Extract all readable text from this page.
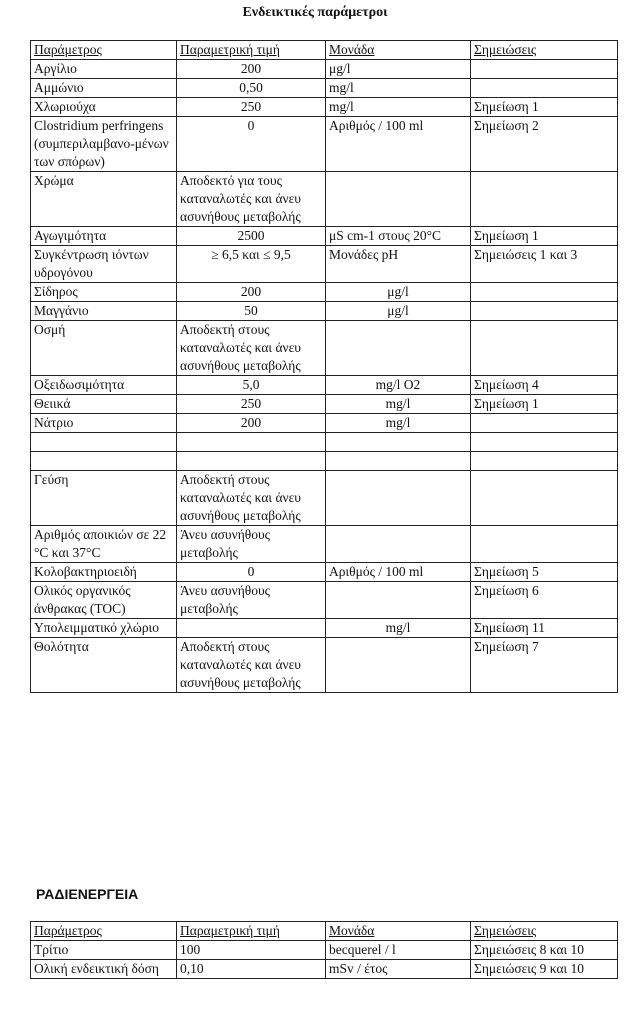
Ενδεικτικές παράμετροι
Παράμετρος	Παραμετρική τιμή	Μονάδα	Σημειώσεις
Αργίλιο	200	μg/l	
Αμμώνιο	0,50	mg/l	
Χλωριούχα	250	mg/l	Σημείωση 1
Clostridium perfringens (συμπεριλαμβανο-μένων των σπόρων)	0	Αριθμός / 100 ml	Σημείωση 2
Χρώμα	Αποδεκτό για τους καταναλωτές και άνευ ασυνήθους μεταβολής		
Αγωγιμότητα	2500	μS cm-1 στους 20°C	Σημείωση 1
Συγκέντρωση ιόντων υδρογόνου	≥ 6,5 και ≤ 9,5	Μονάδες pH	Σημειώσεις 1 και 3
Σίδηρος	200	μg/l	
Μαγγάνιο	50	μg/l	
Οσμή	Αποδεκτή στους καταναλωτές και άνευ ασυνήθους μεταβολής		
Οξειδωσιμότητα	5,0	mg/l O2	Σημείωση 4
Θειικά	250	mg/l	Σημείωση 1
Νάτριο	200	mg/l	

Γεύση	Αποδεκτή στους καταναλωτές και άνευ ασυνήθους μεταβολής		
Αριθμός αποικιών σε 22 °C και 37°C	Άνευ ασυνήθους μεταβολής		
Κολοβακτηριοειδή	0	Αριθμός / 100 ml	Σημείωση 5
Ολικός οργανικός άνθρακας (TOC)	Άνευ ασυνήθους μεταβολής		Σημείωση 6
Υπολειμματικό χλώριο		mg/l	Σημείωση 11
Θολότητα	Αποδεκτή στους καταναλωτές και άνευ ασυνήθους μεταβολής		Σημείωση 7
ΡΑΔΙΕΝΕΡΓΕΙΑ
Παράμετρος	Παραμετρική τιμή	Μονάδα	Σημειώσεις
Τρίτιο	100	becquerel / l	Σημειώσεις 8 και 10
Ολική ενδεικτική δόση	0,10	mSv / έτος	Σημειώσεις 9 και 10
